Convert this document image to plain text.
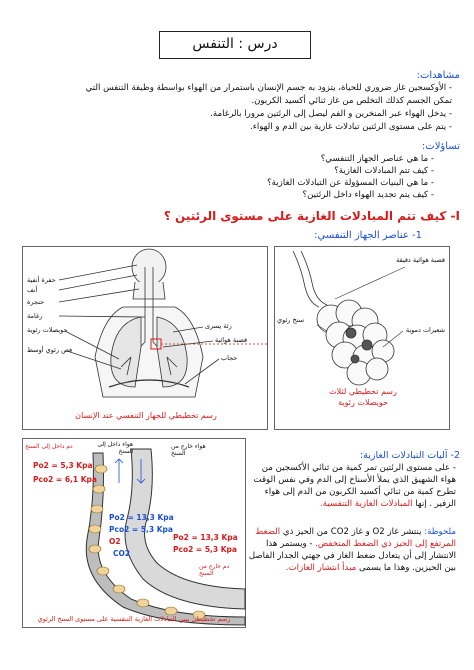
درس : التنفس
مشاهدات:
- الأوكسجين غاز ضروري للحياة، يتزود به جسم الإنسان باستمرار من الهواء بواسطة وظيفة التنفس التي
تمكن الجسم كذلك التخلص من غاز ثنائي أكسيد الكربون.
- يدخل الهواء عبر المنخرين و الفم ليصل إلى الرئتين مرورا بالرغامة.
- يتم على مستوى الرئتين تبادلات غازية بين الدم و الهواء.
تساؤلات:
- ما هي عناصر الجهاز التنفسي؟
- كيف تتم المبادلات الغازية؟
- ما هي البنيات المسؤولة عن التبادلات الغازية؟
- كيف يتم تجديد الهواء داخل الرئتين؟
I- كيف تتم المبادلات الغازية على مستوى الرئتين ؟
1- عناصر الجهاز التنفسي:
حفرة أنفية
أنف
حنجرة
رغامة
حويصلات رئوية
فص رئوي أوسط
رئة يسرى
قصبة هوائية
حجاب
رسم تخطيطي للجهاز التنفسي عند الإنسان
قصبة هوائية دقيقة
شعيرات دموية
سنخ رئوي
رسم تخطيطي لثلاث
حويصلات رئوية
2- آليات التبادلات الغازية:
- على مستوى الرئتين تمر كمية من ثنائي الأكسجين من هواء الشهيق الذي يملأ الأسناخ إلى الدم وفي نفس الوقت تطرح كمية من ثنائي أكسيد الكربون من الدم إلى هواء الزفير . إنها المبادلات الغازية التنفسية.
ملحوظة: ينتشر غاز O2 و غاز CO2 من الحيز ذي الضغط المرتفع إلى الحيز ذي الضغط المنخفض. - ويستمر هذا الانتشار إلى أن يتعادل ضغط الغاز في جهتي الجدار الفاصل بين الحيزين. وهذا ما يسمى مبدأ انتشار الغازات.
هواء داخل إلى السنخ
هواء خارج من السنخ
دم داخل إلى السنخ
دم خارج من السنخ
Po2 = 5,3 Kpa
Pco2 = 6,1 Kpa
Po2 = 13,3 Kpa
Pco2 = 5,3 Kpa
Po2 = 13,3 Kpa
Pco2 = 5,3 Kpa
O2
CO2
رسم تخطيطي يبين التبادلات الغازية التنفسية على مستوى السنخ الرئوي
